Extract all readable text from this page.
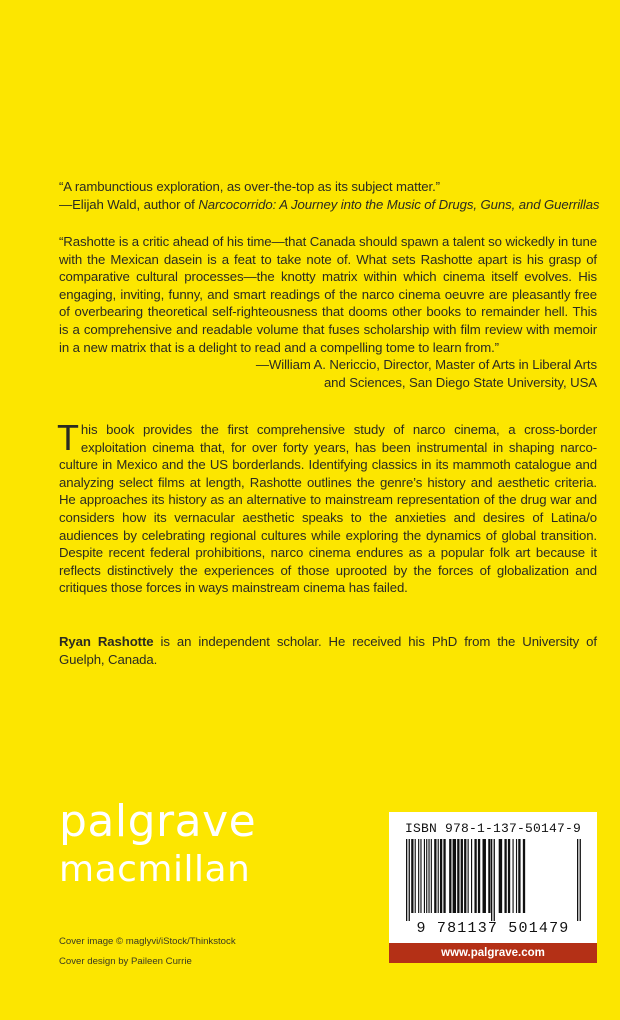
“A rambunctious exploration, as over-the-top as its subject matter.”
—Elijah Wald, author of Narcocorrido: A Journey into the Music of Drugs, Guns, and Guerrillas
“Rashotte is a critic ahead of his time—that Canada should spawn a talent so wickedly in tune with the Mexican dasein is a feat to take note of. What sets Rashotte apart is his grasp of comparative cultural processes—the knotty matrix within which cinema itself evolves. His engaging, inviting, funny, and smart readings of the narco cinema oeuvre are pleasantly free of overbearing theoretical self-righteousness that dooms other books to remainder hell. This is a comprehensive and readable volume that fuses scholarship with film review with memoir in a new matrix that is a delight to read and a compelling tome to learn from.”
—William A. Nericcio, Director, Master of Arts in Liberal Arts
and Sciences, San Diego State University, USA
This book provides the first comprehensive study of narco cinema, a cross-border exploitation cinema that, for over forty years, has been instrumental in shaping narco-culture in Mexico and the US borderlands. Identifying classics in its mammoth catalogue and analyzing select films at length, Rashotte outlines the genre’s history and aesthetic criteria. He approaches its history as an alternative to mainstream representation of the drug war and considers how its vernacular aesthetic speaks to the anxieties and desires of Latina/o audiences by celebrating regional cultures while exploring the dynamics of global transition. Despite recent federal prohibitions, narco cinema endures as a popular folk art because it reflects distinctively the experiences of those uprooted by the forces of globalization and critiques those forces in ways mainstream cinema has failed.
Ryan Rashotte is an independent scholar. He received his PhD from the University of Guelph, Canada.
palgrave
macmillan
Cover image © maglyvi/iStock/Thinkstock
Cover design by Paileen Currie
ISBN 978-1-137-50147-9
9 781137 501479
www.palgrave.com
